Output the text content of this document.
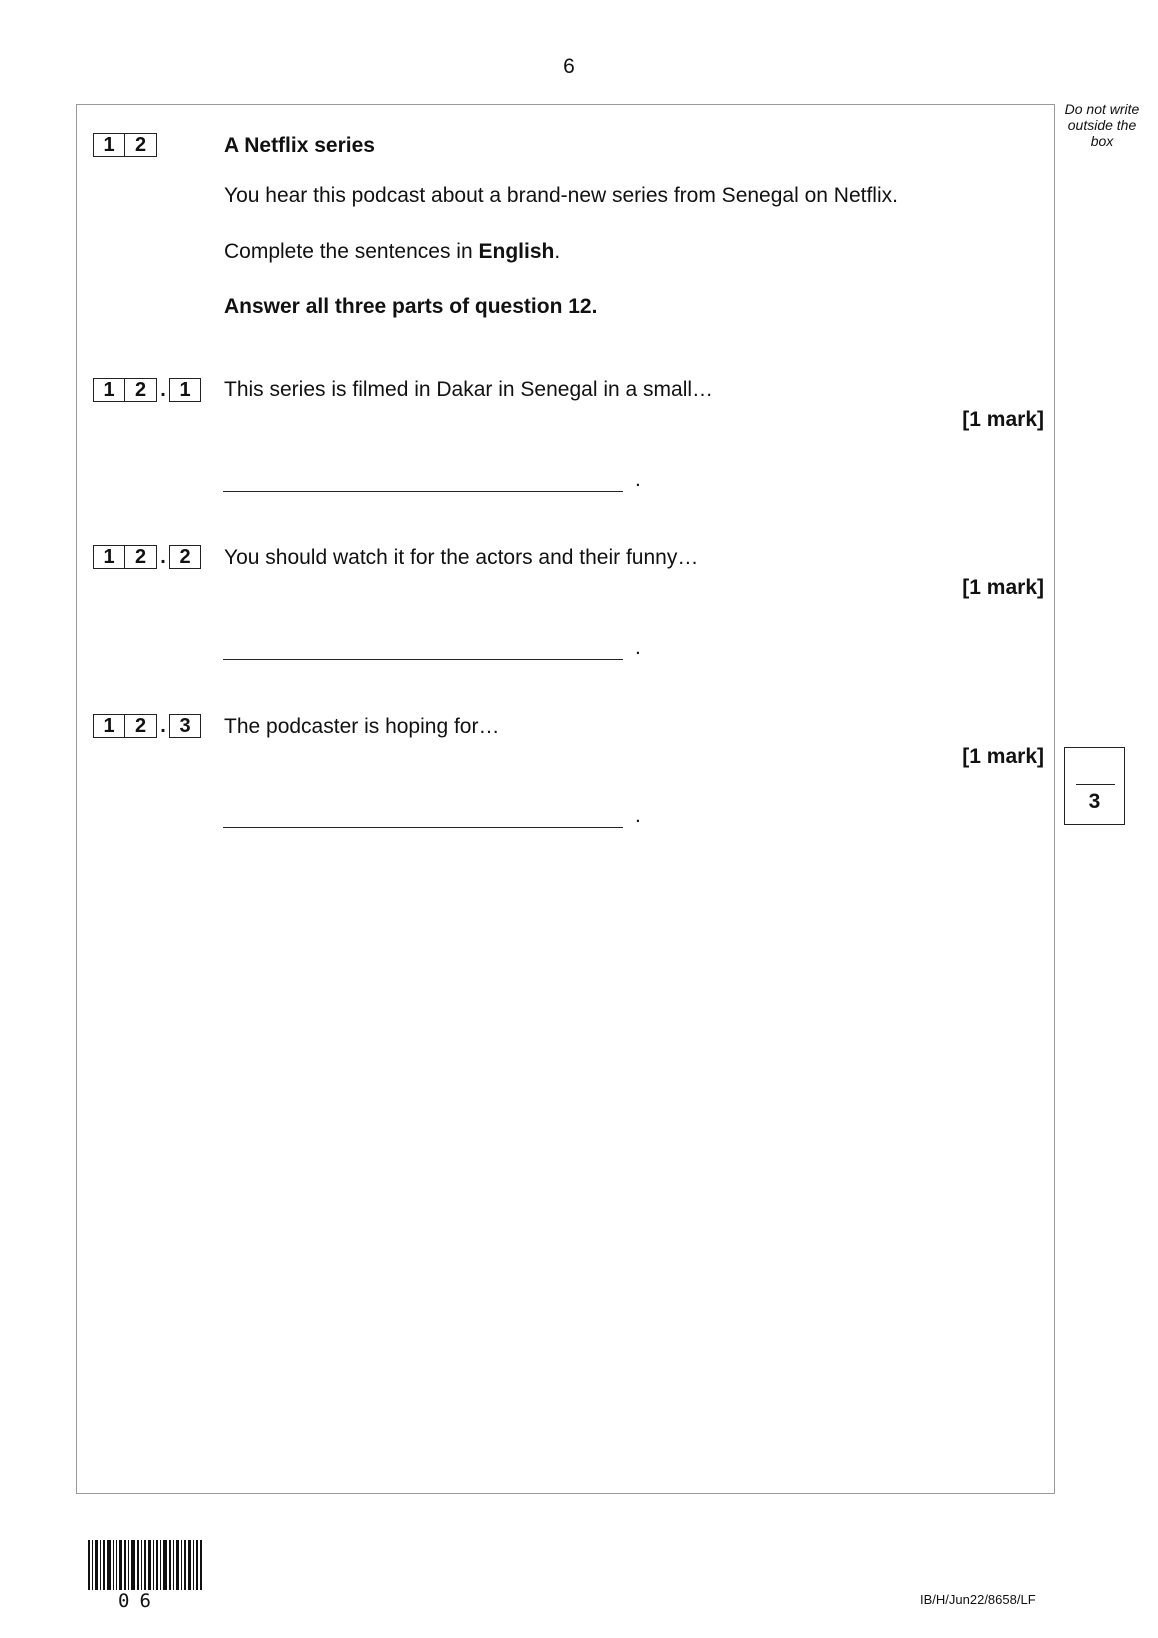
6
Do not write
outside the
box
1	2	A Netflix series
You hear this podcast about a brand-new series from Senegal on Netflix.
Complete the sentences in English.
Answer all three parts of question 12.
1	2 . 1	This series is filmed in Dakar in Senegal in a small…
[1 mark]
.
1	2 . 2	You should watch it for the actors and their funny…
[1 mark]
.
1	2 . 3	The podcaster is hoping for…
[1 mark]
.
3
06	IB/H/Jun22/8658/LF
